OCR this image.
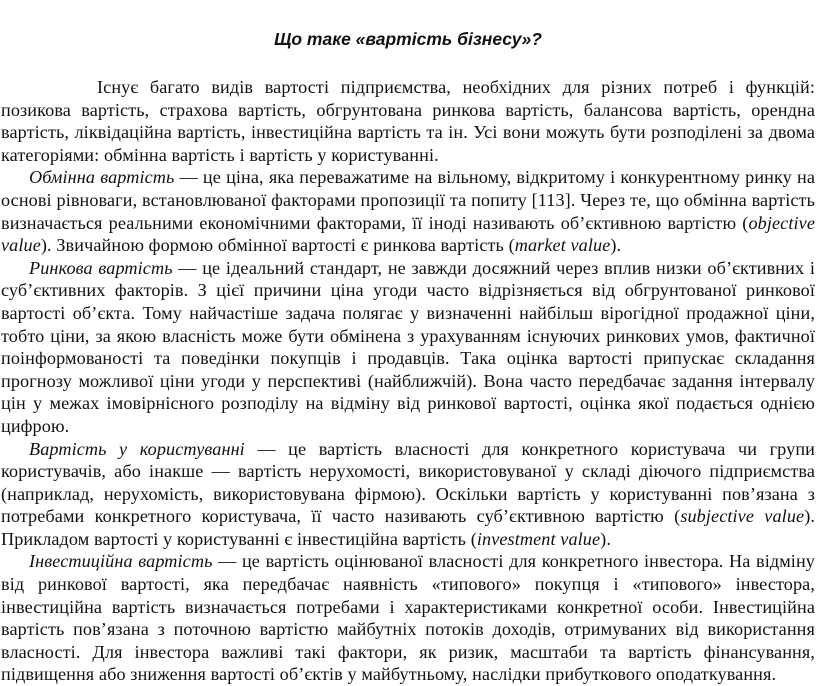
Що таке «вартість бізнесу»?

Існує багато видів вартості підприємства, необхідних для різних потреб і функцій: позикова вартість, страхова вартість, обгрунтована ринкова вартість, балансова вартість, орендна вартість, ліквідаційна вартість, інвестиційна вартість та ін. Усі вони можуть бути розподілені за двома категоріями: обмінна вартість і вартість у користуванні.

Обмінна вартість — це ціна, яка переважатиме на вільному, відкритому і конкурентному ринку на основі рівноваги, встановлюваної факторами пропозиції та попиту [113]. Через те, що обмінна вартість визначається реальними економічними факторами, її іноді називають об’єктивною вартістю (objective value). Звичайною формою обмінної вартості є ринкова вартість (market value).

Ринкова вартість — це ідеальний стандарт, не завжди досяжний через вплив низки об’єктивних і суб’єктивних факторів. З цієї причини ціна угоди часто відрізняється від обгрунтованої ринкової вартості об’єкта. Тому найчастіше задача полягає у визначенні найбільш вірогідної продажної ціни, тобто ціни, за якою власність може бути обмінена з урахуванням існуючих ринкових умов, фактичної поінформованості та поведінки покупців і продавців. Така оцінка вартості припускає складання прогнозу можливої ціни угоди у перспективі (найближчій). Вона часто передбачає задання інтервалу цін у межах імовірнісного розподілу на відміну від ринкової вартості, оцінка якої подається однією цифрою.

Вартість у користуванні — це вартість власності для конкретного користувача чи групи користувачів, або інакше — вартість нерухомості, використовуваної у складі діючого підприємства (наприклад, нерухомість, використовувана фірмою). Оскільки вартість у користуванні пов’язана з потребами конкретного користувача, її часто називають суб’єктивною вартістю (subjective value). Прикладом вартості у користуванні є інвестиційна вартість (investment value).

Інвестиційна вартість — це вартість оцінюваної власності для конкретного інвестора. На відміну від ринкової вартості, яка передбачає наявність «типового» покупця і «типового» інвестора, інвестиційна вартість визначається потребами і характеристиками конкретної особи. Інвестиційна вартість пов’язана з поточною вартістю майбутніх потоків доходів, отримуваних від використання власності. Для інвестора важливі такі фактори, як ризик, масштаби та вартість фінансування, підвищення або зниження вартості об’єктів у майбутньому, наслідки прибуткового оподаткування.
